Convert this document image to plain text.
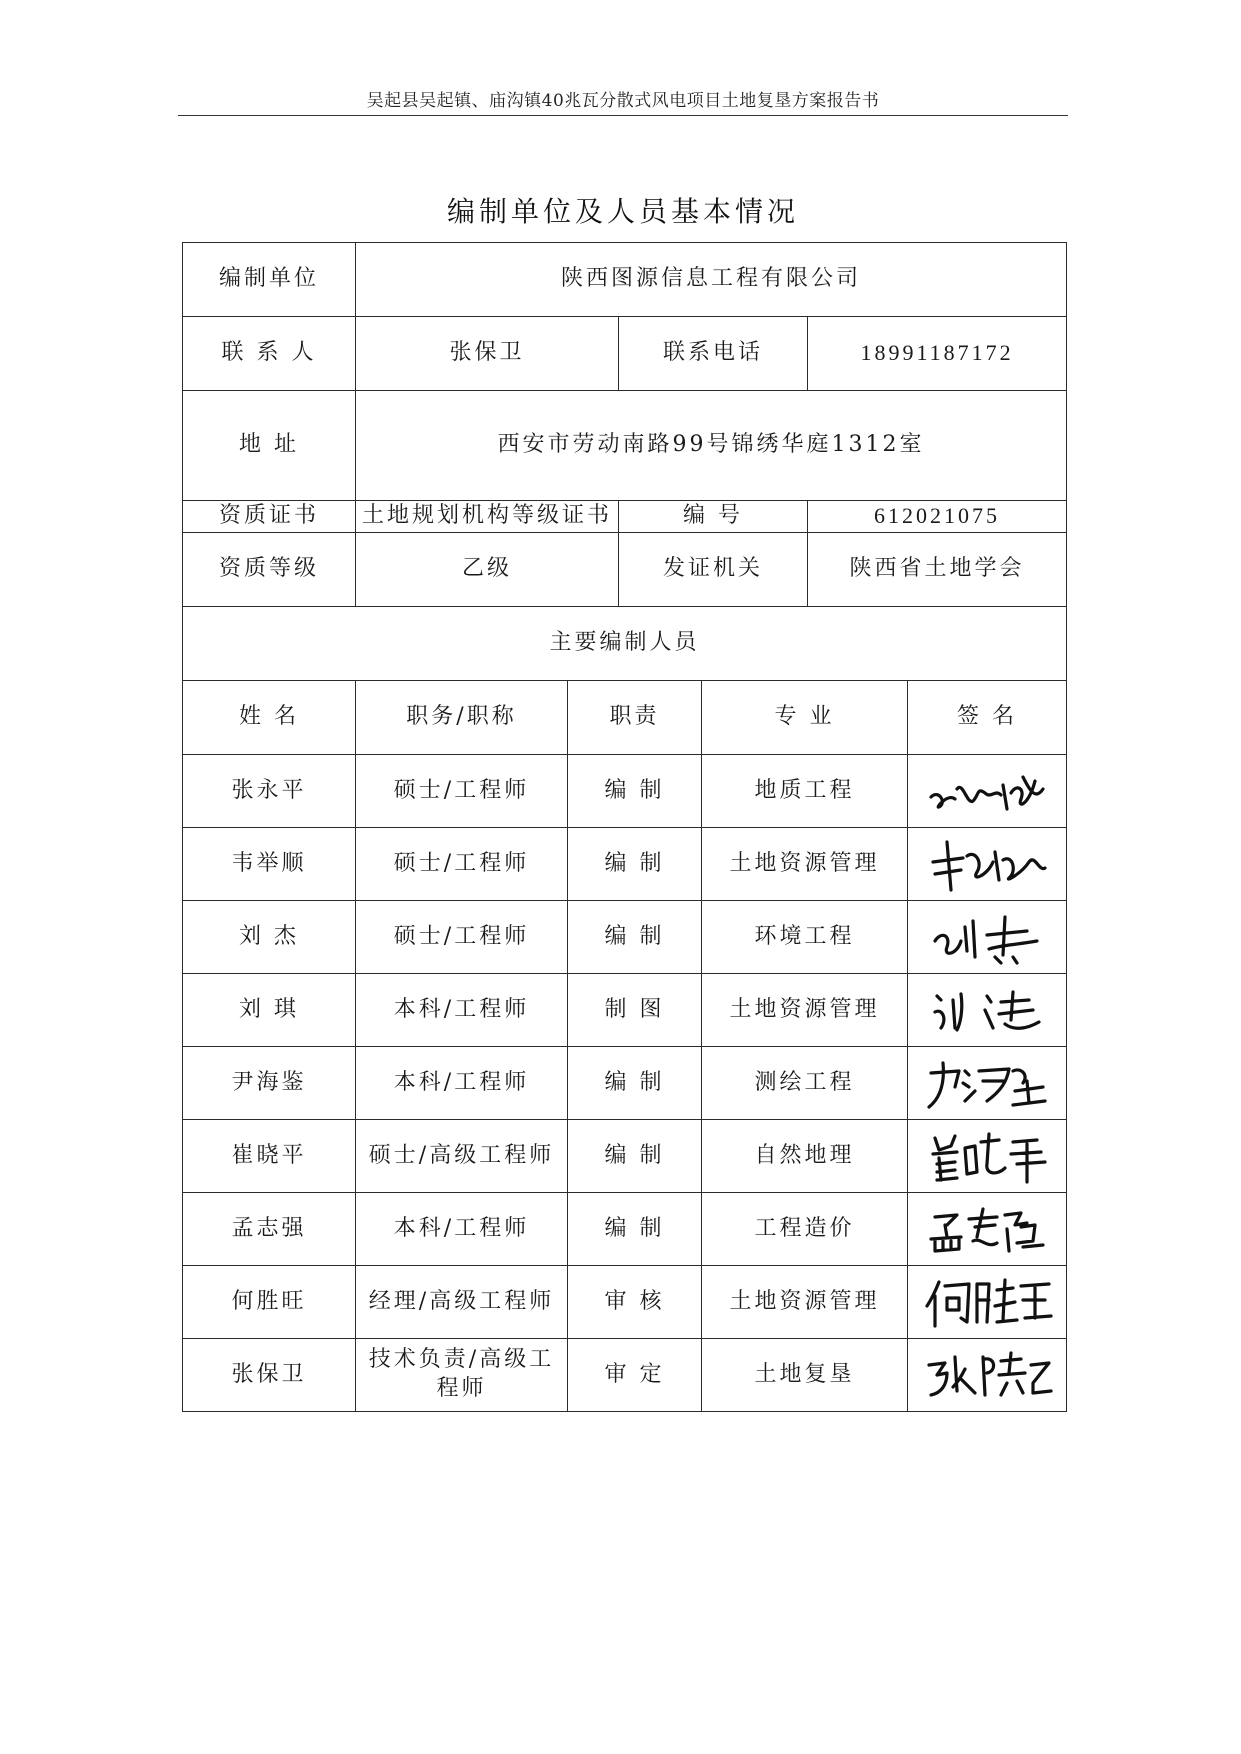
吴起县吴起镇、庙沟镇40兆瓦分散式风电项目土地复垦方案报告书
编制单位及人员基本情况
编制单位	陕西图源信息工程有限公司					
联 系 人	张保卫		联系电话		18991187172	
地 址	西安市劳动南路99号锦绣华庭1312室					
资质证书	土地规划机构等级证书		编 号		612021075	
资质等级	乙级		发证机关		陕西省土地学会	
主要编制人员						
姓 名	职务/职称	职责		专 业		签 名
张永平	硕士/工程师	编 制		地质工程	

韦举顺	硕士/工程师	编 制		土地资源管理	

刘 杰	硕士/工程师	编 制		环境工程	

刘 琪	本科/工程师	制 图		土地资源管理	

尹海鉴	本科/工程师	编 制		测绘工程	

崔晓平	硕士/高级工程师	编 制		自然地理	

孟志强	本科/工程师	编 制		工程造价	

何胜旺	经理/高级工程师	审 核		土地资源管理	

张保卫	技术负责/高级工程师	审 定		土地复垦	
